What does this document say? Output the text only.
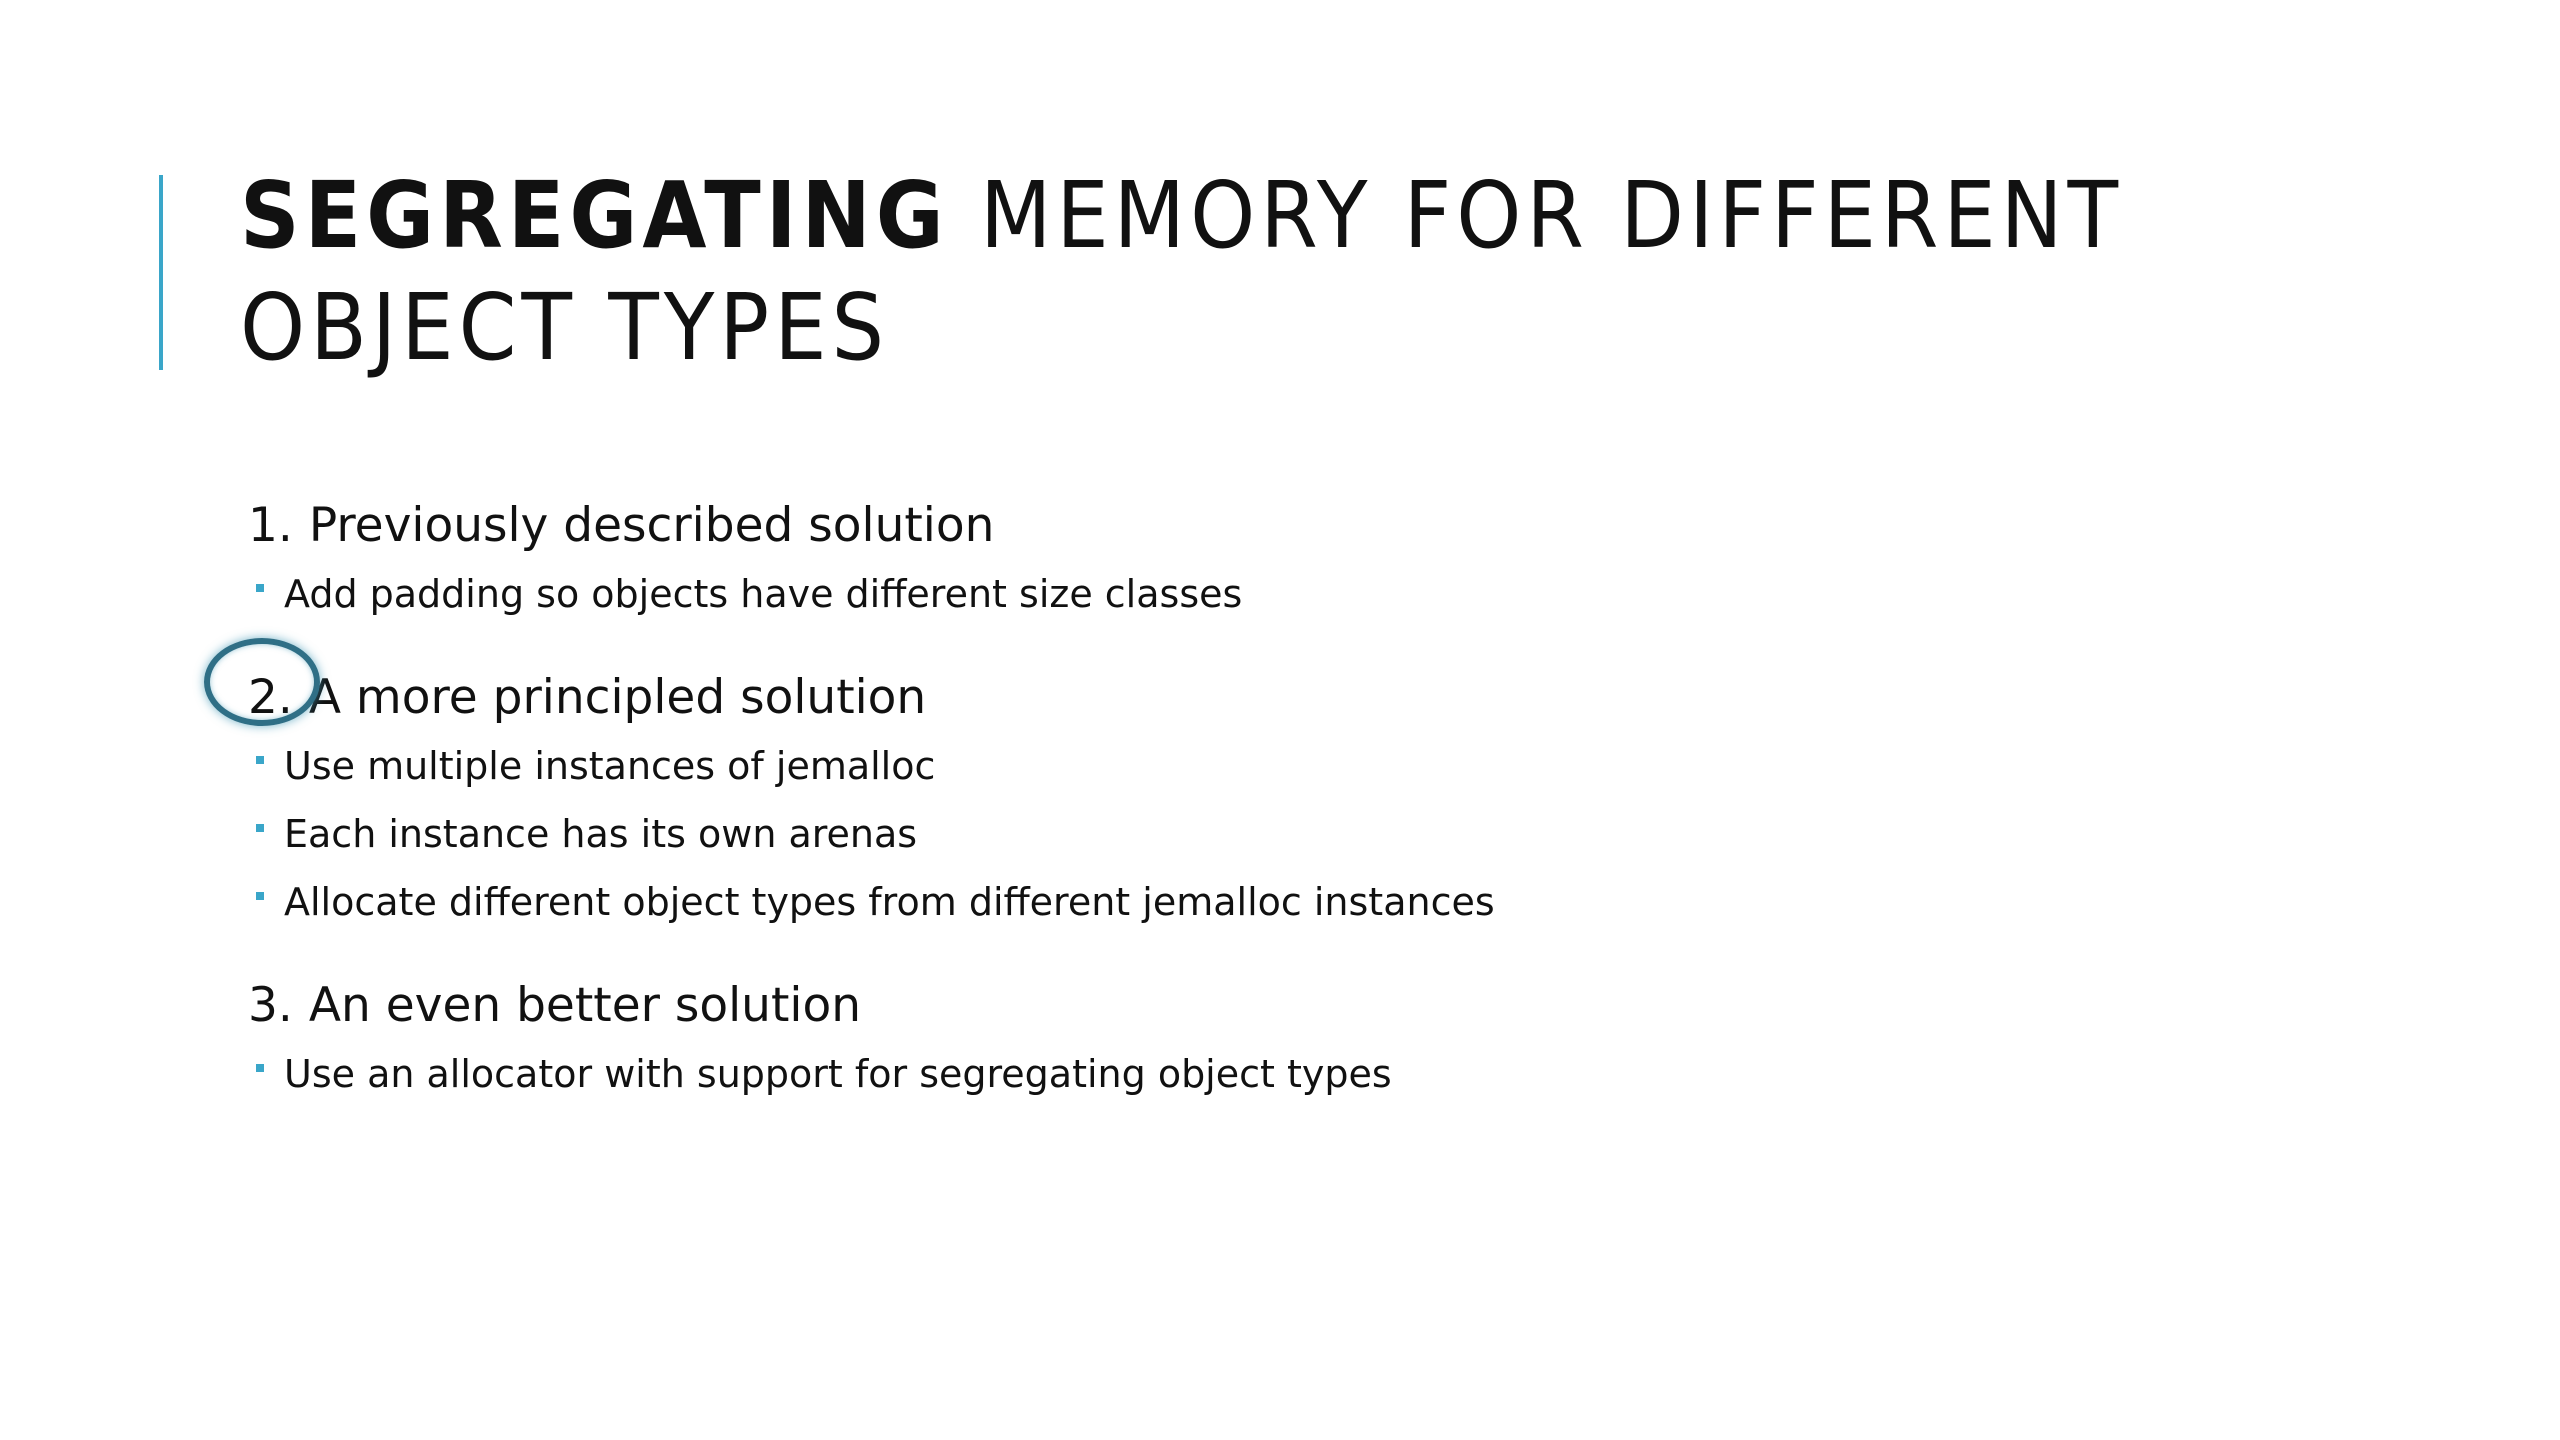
SEGREGATING MEMORY FOR DIFFERENT OBJECT TYPES
1. Previously described solution
Add padding so objects have different size classes
2. A more principled solution
Use multiple instances of jemalloc
Each instance has its own arenas
Allocate different object types from different jemalloc instances
3. An even better solution
Use an allocator with support for segregating object types
